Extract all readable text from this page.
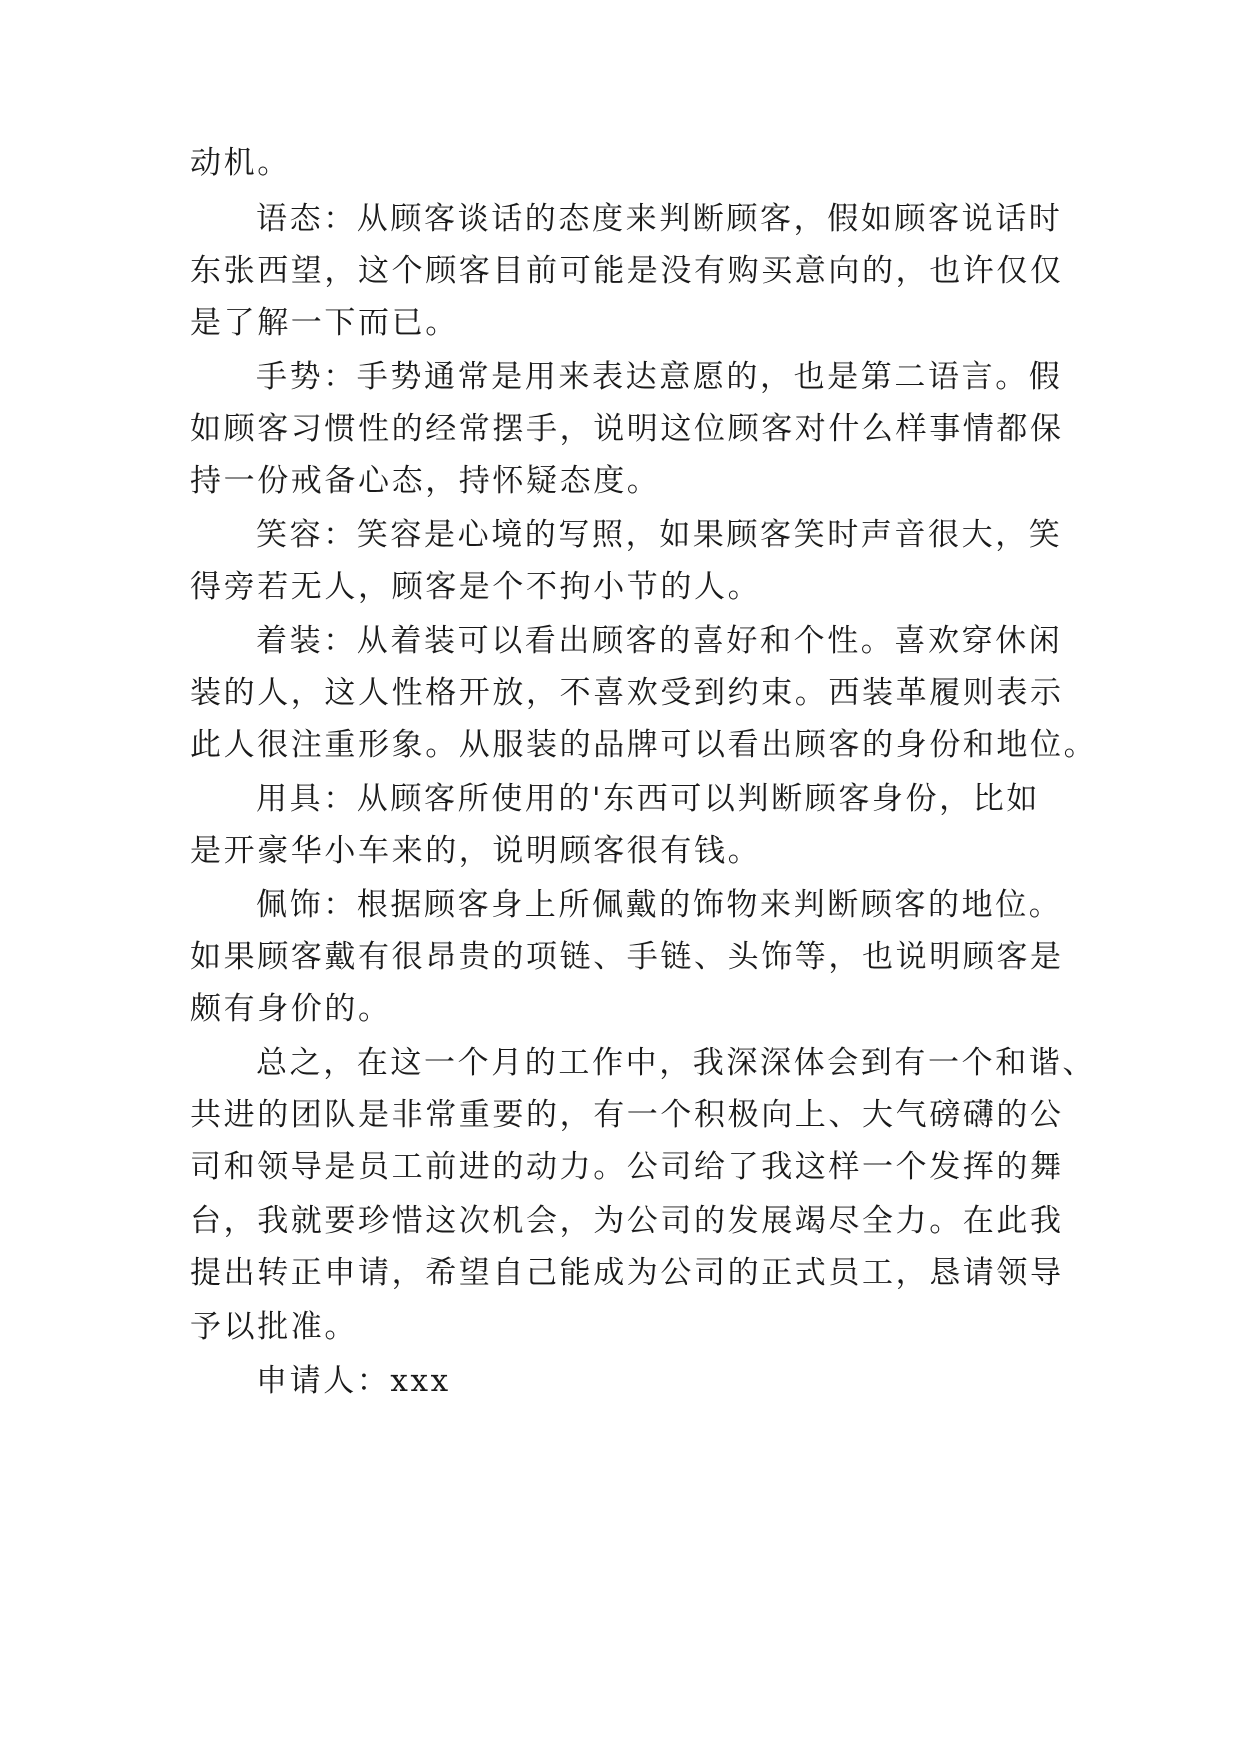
动机。
语态：从顾客谈话的态度来判断顾客，假如顾客说话时
东张西望，这个顾客目前可能是没有购买意向的，也许仅仅
是了解一下而已。
手势：手势通常是用来表达意愿的，也是第二语言。假
如顾客习惯性的经常摆手，说明这位顾客对什么样事情都保
持一份戒备心态，持怀疑态度。
笑容：笑容是心境的写照，如果顾客笑时声音很大，笑
得旁若无人，顾客是个不拘小节的人。
着装：从着装可以看出顾客的喜好和个性。喜欢穿休闲
装的人，这人性格开放，不喜欢受到约束。西装革履则表示
此人很注重形象。从服装的品牌可以看出顾客的身份和地位。
用具：从顾客所使用的'东西可以判断顾客身份，比如
是开豪华小车来的，说明顾客很有钱。
佩饰：根据顾客身上所佩戴的饰物来判断顾客的地位。
如果顾客戴有很昂贵的项链、手链、头饰等，也说明顾客是
颇有身价的。
总之，在这一个月的工作中，我深深体会到有一个和谐、
共进的团队是非常重要的，有一个积极向上、大气磅礴的公
司和领导是员工前进的动力。公司给了我这样一个发挥的舞
台，我就要珍惜这次机会，为公司的发展竭尽全力。在此我
提出转正申请，希望自己能成为公司的正式员工，恳请领导
予以批准。
申请人：xxx
